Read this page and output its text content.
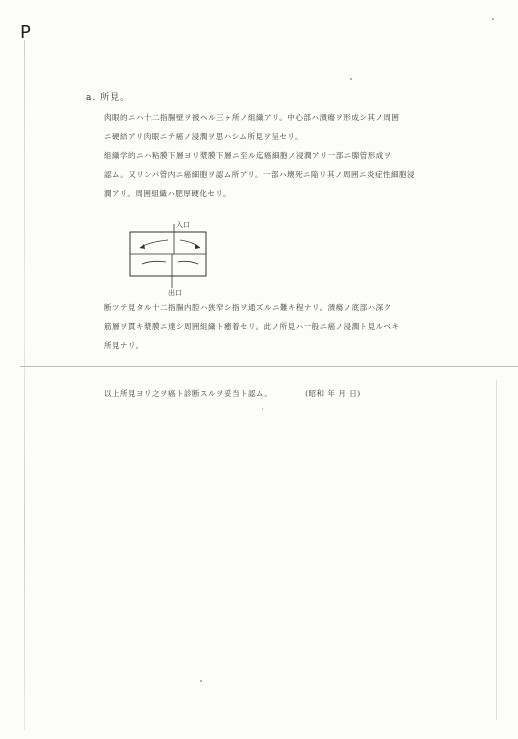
P
a. 所見。
肉眼的ニハ十二指腸壁ヲ被ヘル三ヶ所ノ組織アリ。中心部ハ潰瘍ヲ形成シ其ノ周囲
ニ硬結アリ肉眼ニテ癌ノ浸潤ヲ思ハシム所見ヲ呈セリ。
組織学的ニハ粘膜下層ヨリ漿膜下層ニ至ル迄癌細胞ノ浸潤アリ一部ニ腺管形成ヲ
認ム。又リンパ管内ニ癌細胞ヲ認ム所アリ。一部ハ壊死ニ陥リ其ノ周囲ニ炎症性細胞浸
潤アリ。周囲組織ハ肥厚硬化セリ。
入口
出口
断ツテ見タル十二指腸内腔ハ狭窄シ指ヲ通ズルニ難キ程ナリ。潰瘍ノ底部ハ深ク
筋層ヲ貫キ漿膜ニ達シ周囲組織ト癒着セリ。此ノ所見ハ一般ニ癌ノ浸潤ト見ルベキ
所見ナリ。
以上所見ヨリ之ヲ癌ト診断スルヲ妥当ト認ム。	(昭和 年 月 日)
'
